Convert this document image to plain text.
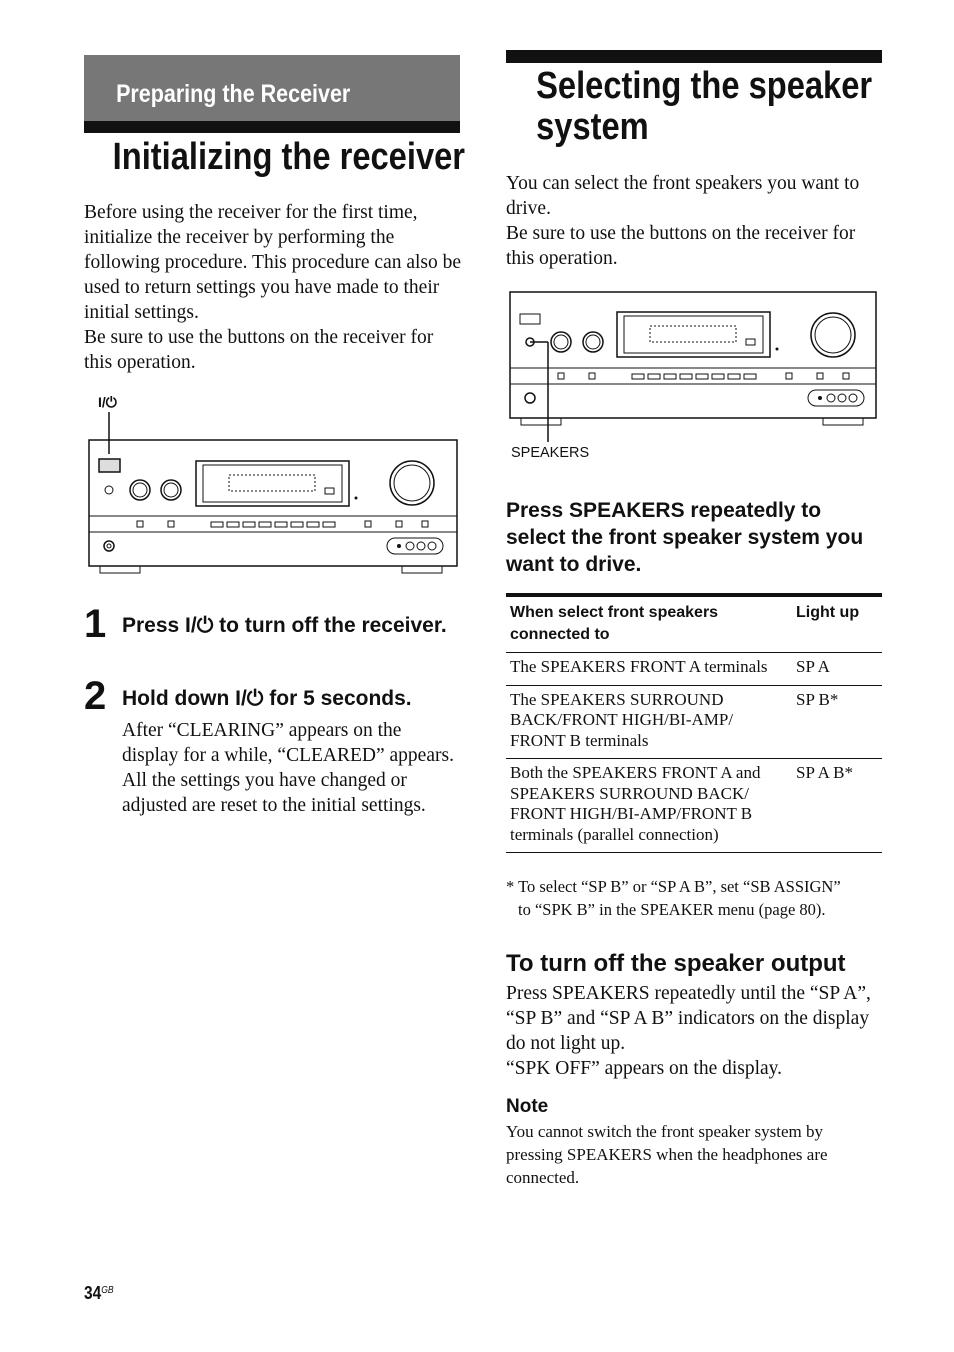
Preparing the Receiver
Initializing the receiver
Before using the receiver for the first time, initialize the receiver by performing the following procedure. This procedure can also be used to return settings you have made to their initial settings.
Be sure to use the buttons on the receiver for this operation.
I/⏻
1 Press I/⏻ to turn off the receiver.
2 Hold down I/⏻ for 5 seconds.
After “CLEARING” appears on the display for a while, “CLEARED” appears.
All the settings you have changed or adjusted are reset to the initial settings.
Selecting the speaker system
You can select the front speakers you want to drive.
Be sure to use the buttons on the receiver for this operation.
SPEAKERS
Press SPEAKERS repeatedly to select the front speaker system you want to drive.
When select front speakers connected to	Light up
The SPEAKERS FRONT A terminals	SP A
The SPEAKERS SURROUND BACK/FRONT HIGH/BI-AMP/ FRONT B terminals	SP B*
Both the SPEAKERS FRONT A and SPEAKERS SURROUND BACK/ FRONT HIGH/BI-AMP/FRONT B terminals (parallel connection)	SP A B*
* To select “SP B” or “SP A B”, set “SB ASSIGN”
to “SPK B” in the SPEAKER menu (page 80).
To turn off the speaker output
Press SPEAKERS repeatedly until the “SP A”, “SP B” and “SP A B” indicators on the display do not light up.
“SPK OFF” appears on the display.
Note
You cannot switch the front speaker system by pressing SPEAKERS when the headphones are connected.
$34^{GB}$
